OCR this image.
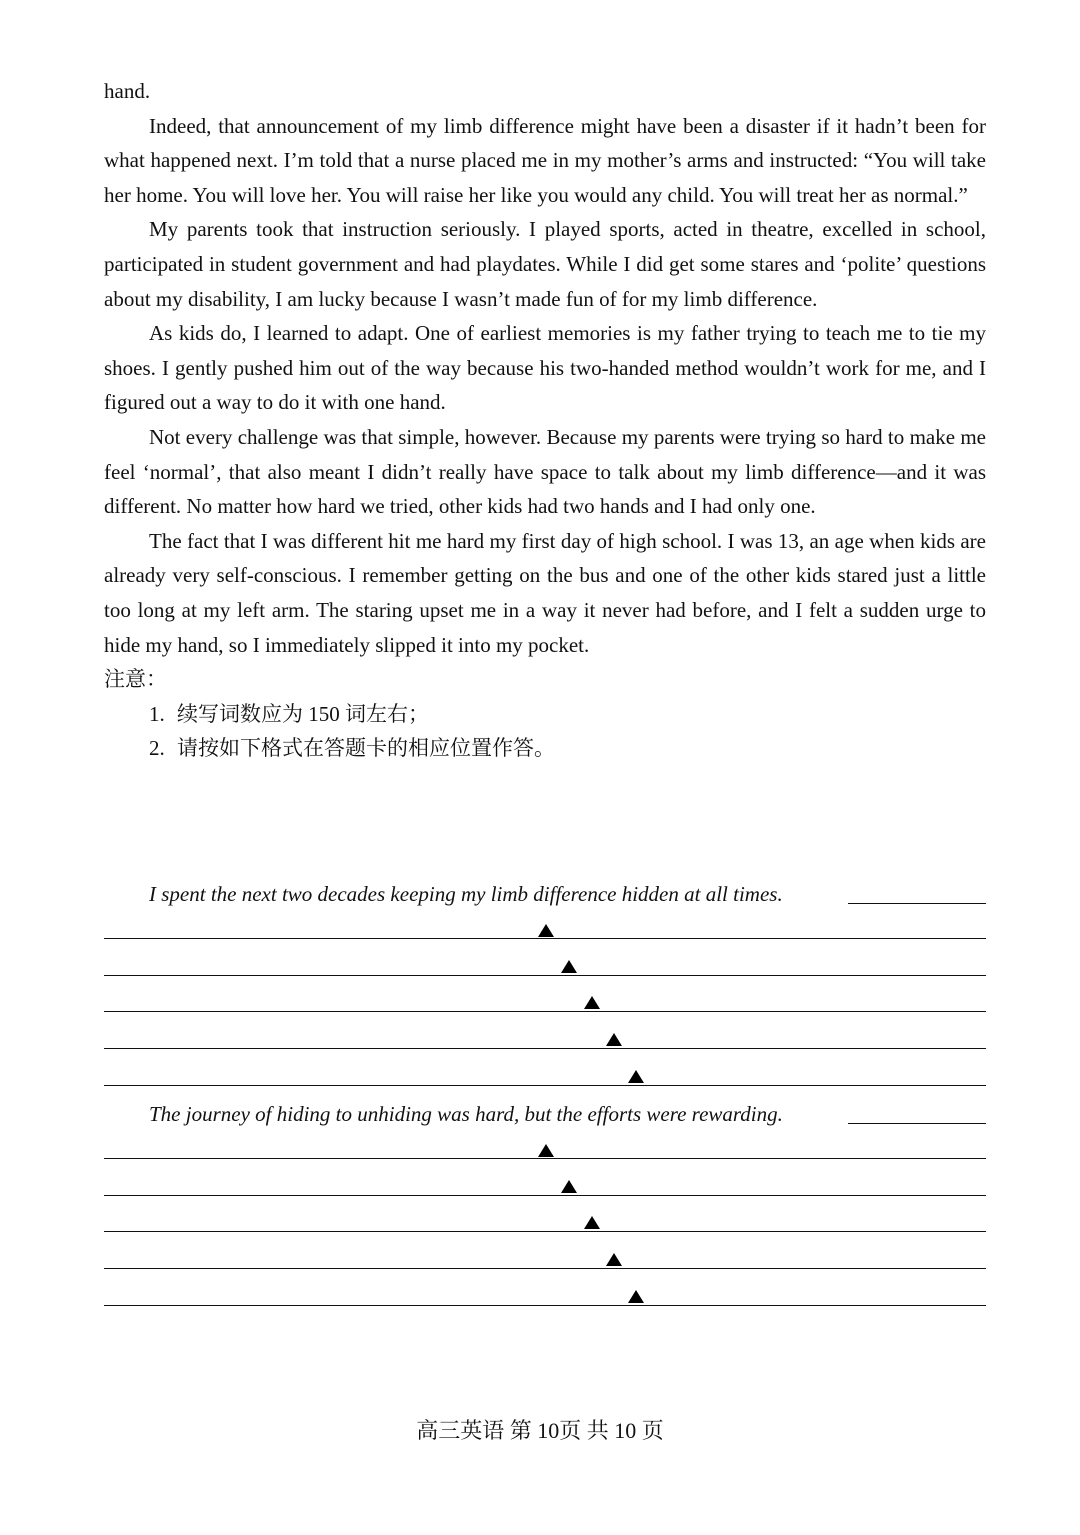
hand.

Indeed, that announcement of my limb difference might have been a disaster if it hadn’t been for what happened next. I’m told that a nurse placed me in my mother’s arms and instructed: “You will take her home. You will love her. You will raise her like you would any child. You will treat her as normal.”

My parents took that instruction seriously. I played sports, acted in theatre, excelled in school, participated in student government and had playdates. While I did get some stares and ‘polite’ questions about my disability, I am lucky because I wasn’t made fun of for my limb difference.

As kids do, I learned to adapt. One of earliest memories is my father trying to teach me to tie my shoes. I gently pushed him out of the way because his two-handed method wouldn’t work for me, and I figured out a way to do it with one hand.

Not every challenge was that simple, however. Because my parents were trying so hard to make me feel ‘normal’, that also meant I didn’t really have space to talk about my limb difference—and it was different. No matter how hard we tried, other kids had two hands and I had only one.

The fact that I was different hit me hard my first day of high school. I was 13, an age when kids are already very self-conscious. I remember getting on the bus and one of the other kids stared just a little too long at my left arm. The staring upset me in a way it never had before, and I felt a sudden urge to hide my hand, so I immediately slipped it into my pocket.

注意：

1. 续写词数应为 150 词左右；

2. 请按如下格式在答题卡的相应位置作答。

I spent the next two decades keeping my limb difference hidden at all times.
The journey of hiding to unhiding was hard, but the efforts were rewarding.
高三英语 第 10页 共 10 页
